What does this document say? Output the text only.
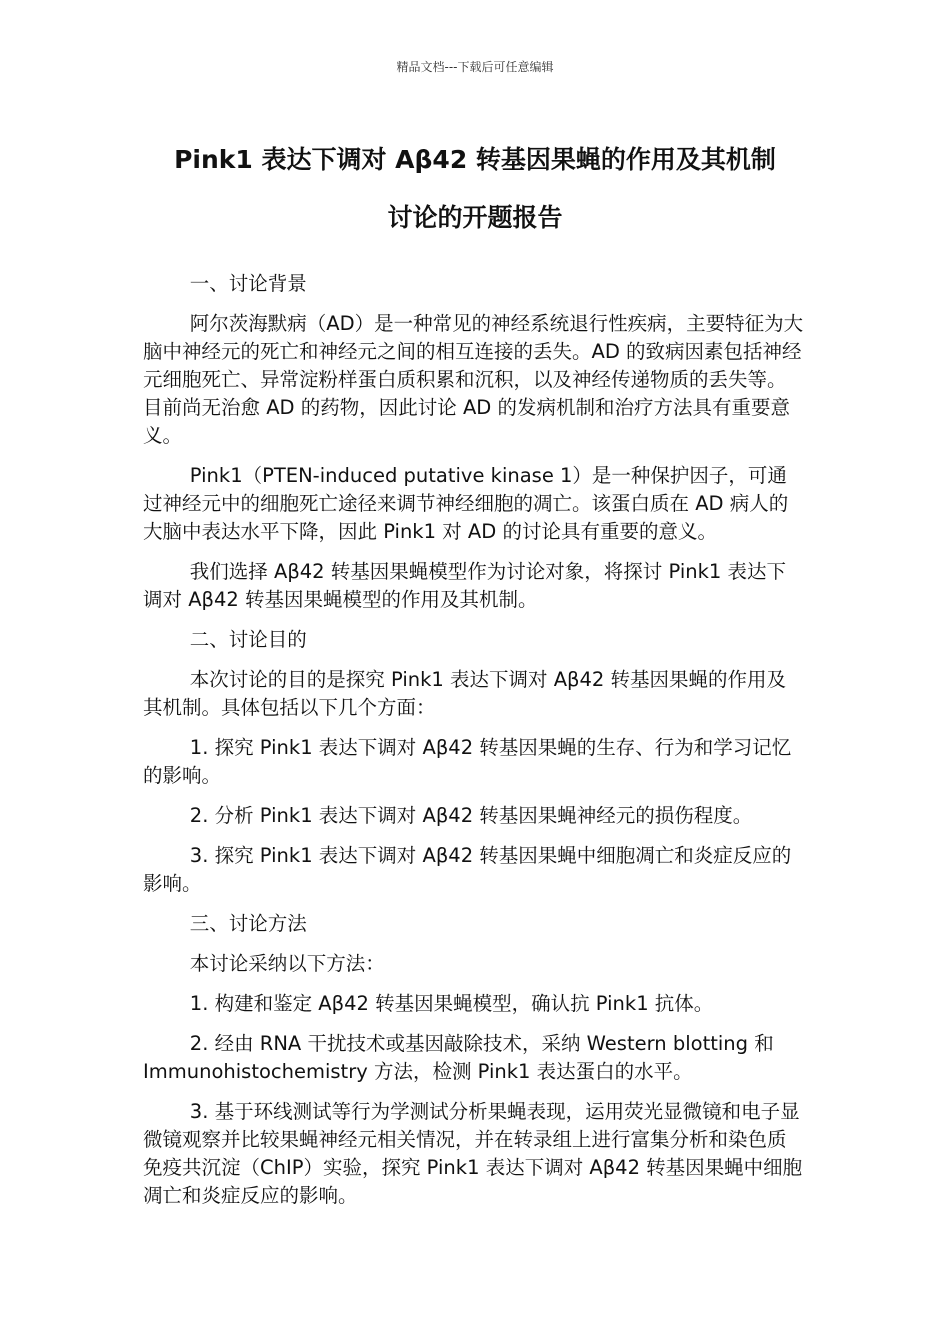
精品文档---下载后可任意编辑
Pink1 表达下调对 Aβ42 转基因果蝇的作用及其机制
讨论的开题报告

一、讨论背景

阿尔茨海默病（AD）是一种常见的神经系统退行性疾病，主要特征为大脑中神经元的死亡和神经元之间的相互连接的丢失。AD 的致病因素包括神经元细胞死亡、异常淀粉样蛋白质积累和沉积，以及神经传递物质的丢失等。目前尚无治愈 AD 的药物，因此讨论 AD 的发病机制和治疗方法具有重要意义。

Pink1（PTEN-induced putative kinase 1）是一种保护因子，可通过神经元中的细胞死亡途径来调节神经细胞的凋亡。该蛋白质在 AD 病人的大脑中表达水平下降，因此 Pink1 对 AD 的讨论具有重要的意义。

我们选择 Aβ42 转基因果蝇模型作为讨论对象，将探讨 Pink1 表达下调对 Aβ42 转基因果蝇模型的作用及其机制。

二、讨论目的

本次讨论的目的是探究 Pink1 表达下调对 Aβ42 转基因果蝇的作用及其机制。具体包括以下几个方面：

1. 探究 Pink1 表达下调对 Aβ42 转基因果蝇的生存、行为和学习记忆的影响。

2. 分析 Pink1 表达下调对 Aβ42 转基因果蝇神经元的损伤程度。

3. 探究 Pink1 表达下调对 Aβ42 转基因果蝇中细胞凋亡和炎症反应的影响。

三、讨论方法

本讨论采纳以下方法：

1. 构建和鉴定 Aβ42 转基因果蝇模型，确认抗 Pink1 抗体。

2. 经由 RNA 干扰技术或基因敲除技术，采纳 Western blotting 和 Immunohistochemistry 方法，检测 Pink1 表达蛋白的水平。

3. 基于环线测试等行为学测试分析果蝇表现，运用荧光显微镜和电子显微镜观察并比较果蝇神经元相关情况，并在转录组上进行富集分析和染色质免疫共沉淀（ChIP）实验，探究 Pink1 表达下调对 Aβ42 转基因果蝇中细胞凋亡和炎症反应的影响。
